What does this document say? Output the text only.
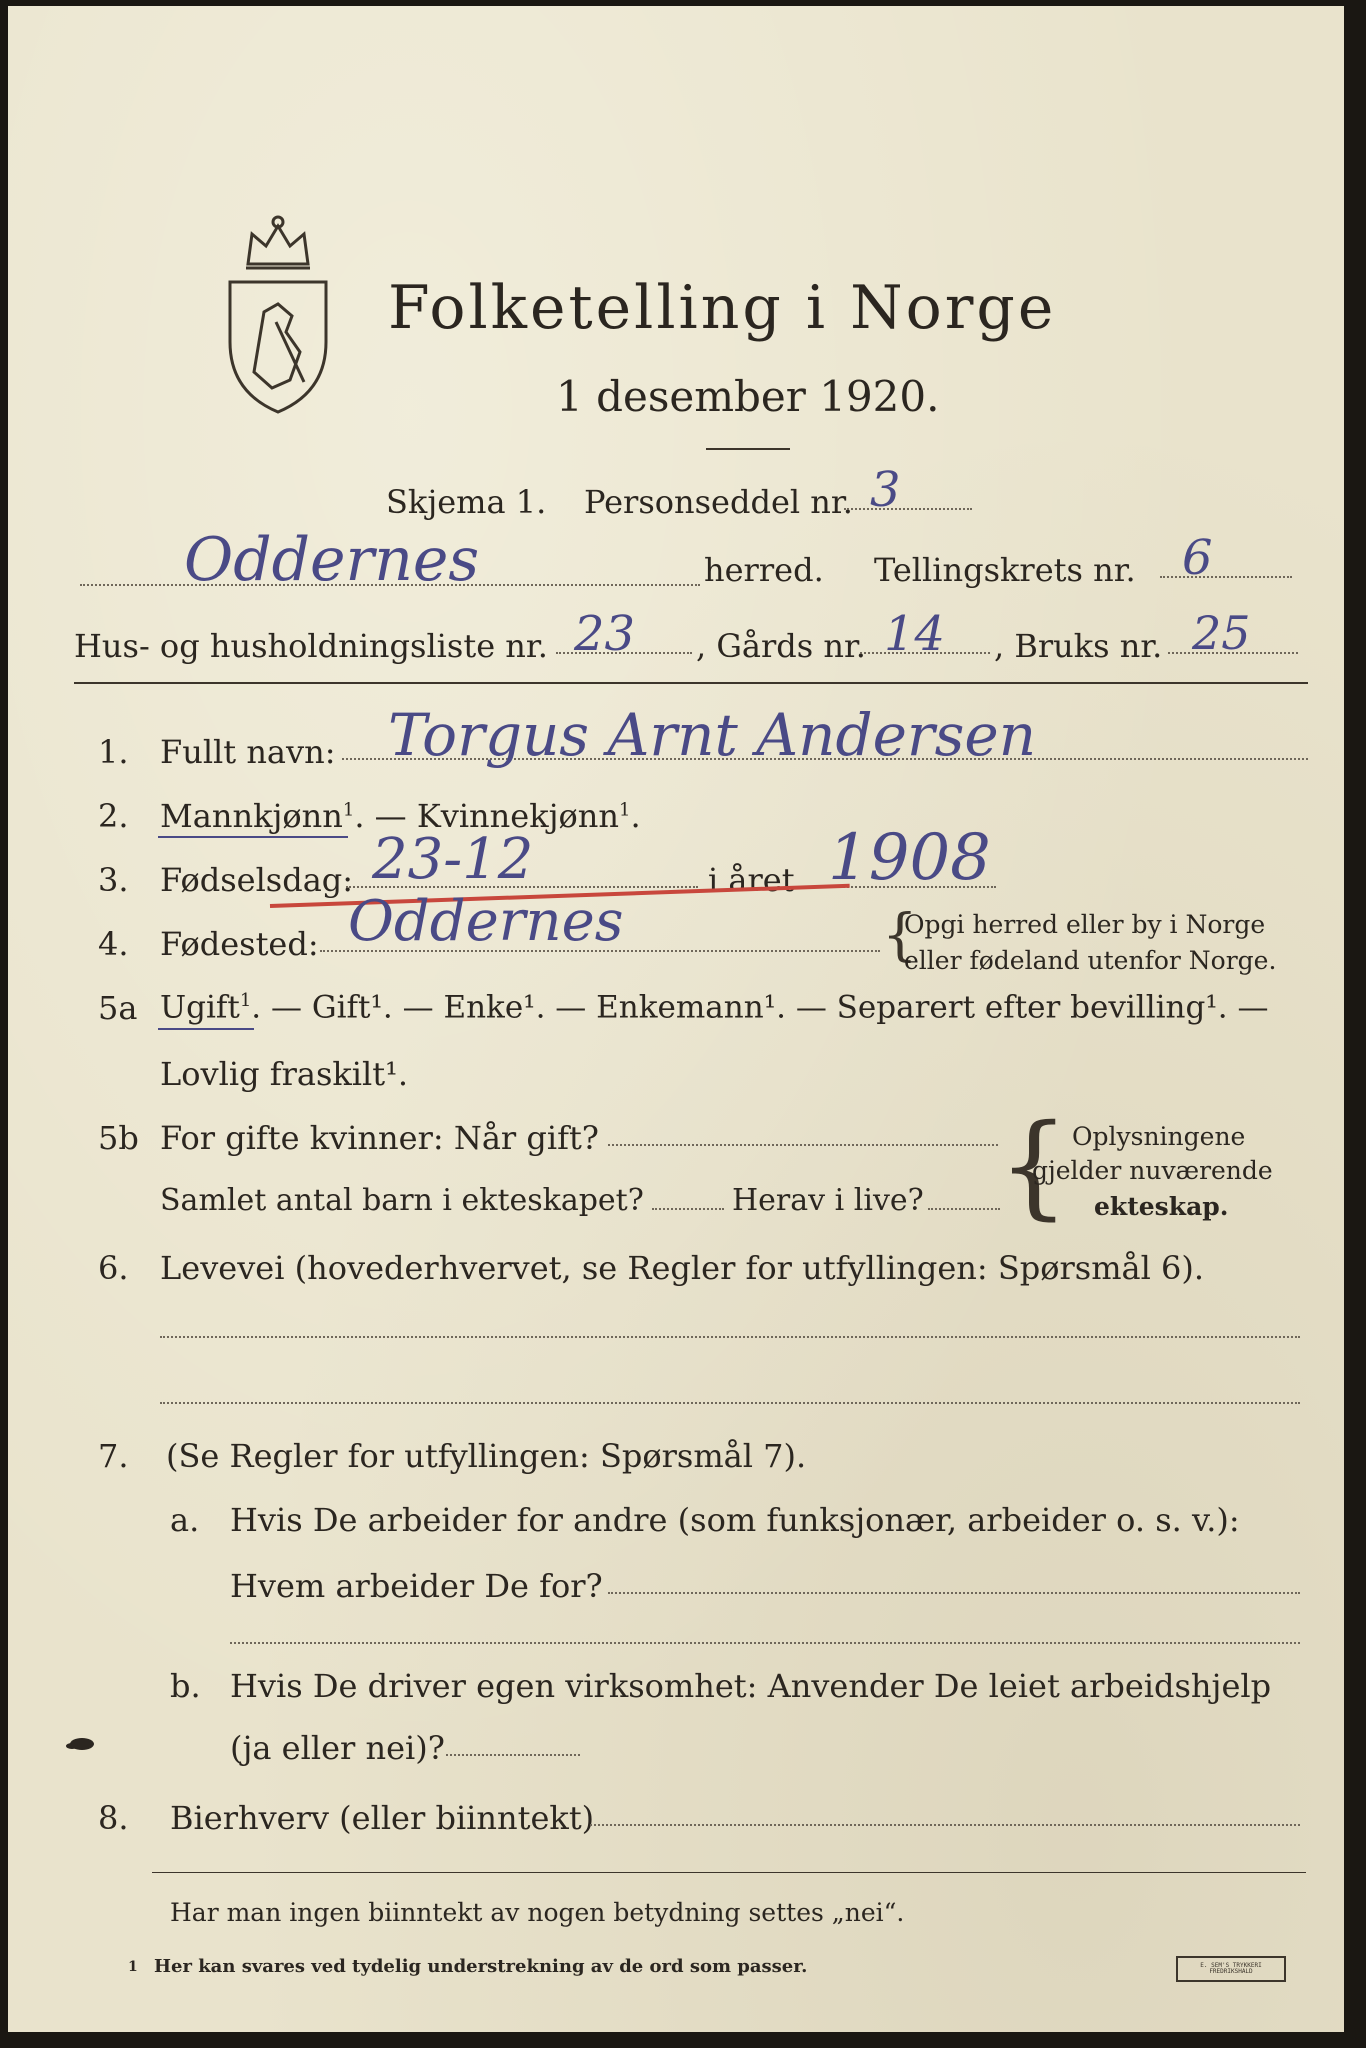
Folketelling i Norge
1 desember 1920.
Skjema 1. Personseddel nr. 3
Oddernes	herred. Tellingskrets nr. 6
Hus- og husholdningsliste nr. 23 , Gårds nr. 14 , Bruks nr. 25
1. Fullt navn: Torgus Arnt Andersen
2. Mannkjønn$^1$. — Kvinnekjønn$^1$.
3. Fødselsdag: 23-12	i året 1908
4. Fødested: Oddernes	{
Opgi herred eller by i Norge
eller fødeland utenfor Norge.
5a Ugift$^1$. — Gift¹. — Enke¹. — Enkemann¹. — Separert efter bevilling¹. —
Lovlig fraskilt¹.
5b For gifte kvinner: Når gift?
Samlet antal barn i ekteskapet?	Herav i live? { Oplysningene
gjelder nuværende
ekteskap.
6. Levevei (hovederhvervet, se Regler for utfyllingen: Spørsmål 6).
7. (Se Regler for utfyllingen: Spørsmål 7).
a. Hvis De arbeider for andre (som funksjonær, arbeider o. s. v.):
Hvem arbeider De for?
b. Hvis De driver egen virksomhet: Anvender De leiet arbeidshjelp
(ja eller nei)?
8. Bierhverv (eller biinntekt)
Har man ingen biinntekt av nogen betydning settes „nei“.
1 Her kan svares ved tydelig understrekning av de ord som passer.	E. SEM'S TRYKKERI FREDRIKSHALD
